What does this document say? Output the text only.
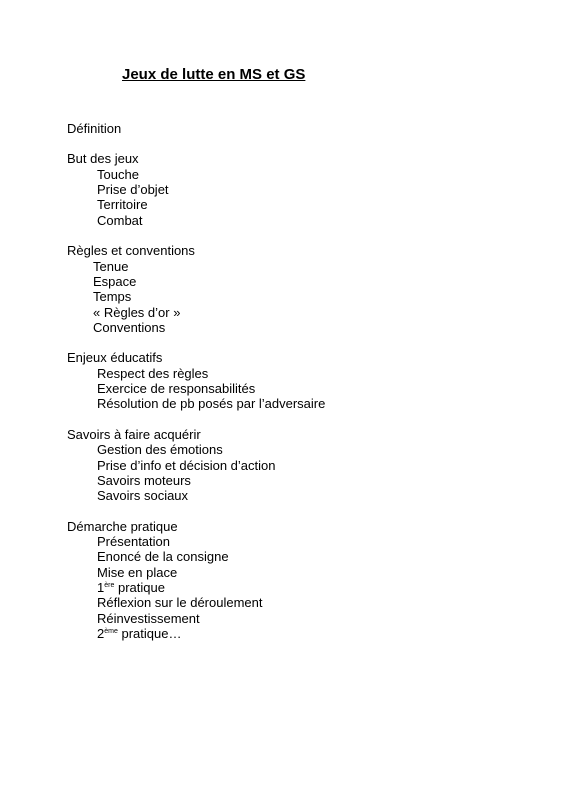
Jeux de lutte en MS et GS

Définition

But des jeux

Touche

Prise d’objet

Territoire

Combat

Règles et conventions

Tenue

Espace

Temps

« Règles d’or »

Conventions

Enjeux éducatifs

Respect des règles

Exercice de responsabilités

Résolution de pb posés par l’adversaire

Savoirs à faire acquérir

Gestion des émotions

Prise d’info et décision d’action

Savoirs moteurs

Savoirs sociaux

Démarche pratique

Présentation

Enoncé de la consigne

Mise en place

1ère pratique

Réflexion sur le déroulement

Réinvestissement

2ème pratique…
